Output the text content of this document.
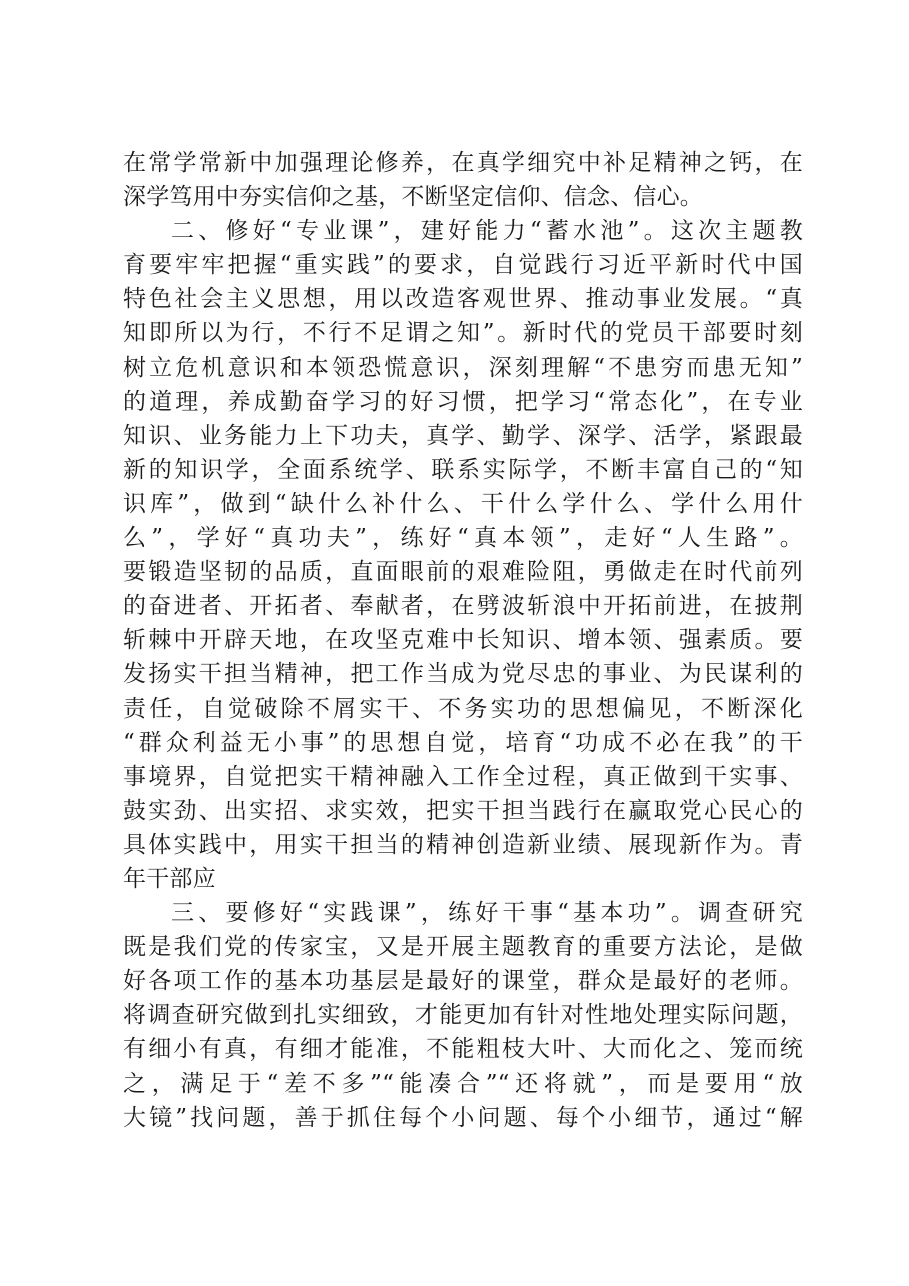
在常学常新中加强理论修养，在真学细究中补足精神之钙，在
深学笃用中夯实信仰之基，不断坚定信仰、信念、信心。
二、修好“专业课”，建好能力“蓄水池”。这次主题教
育要牢牢把握“重实践”的要求，自觉践行习近平新时代中国
特色社会主义思想，用以改造客观世界、推动事业发展。“真
知即所以为行，不行不足谓之知”。新时代的党员干部要时刻
树立危机意识和本领恐慌意识，深刻理解“不患穷而患无知”
的道理，养成勤奋学习的好习惯，把学习“常态化”，在专业
知识、业务能力上下功夫，真学、勤学、深学、活学，紧跟最
新的知识学，全面系统学、联系实际学，不断丰富自己的“知
识库”，做到“缺什么补什么、干什么学什么、学什么用什
么”，学好“真功夫”，练好“真本领”，走好“人生路”。
要锻造坚韧的品质，直面眼前的艰难险阻，勇做走在时代前列
的奋进者、开拓者、奉献者，在劈波斩浪中开拓前进，在披荆
斩棘中开辟天地，在攻坚克难中长知识、增本领、强素质。要
发扬实干担当精神，把工作当成为党尽忠的事业、为民谋利的
责任，自觉破除不屑实干、不务实功的思想偏见，不断深化
“群众利益无小事”的思想自觉，培育“功成不必在我”的干
事境界，自觉把实干精神融入工作全过程，真正做到干实事、
鼓实劲、出实招、求实效，把实干担当践行在赢取党心民心的
具体实践中，用实干担当的精神创造新业绩、展现新作为。青
年干部应
三、要修好“实践课”，练好干事“基本功”。调查研究
既是我们党的传家宝，又是开展主题教育的重要方法论，是做
好各项工作的基本功基层是最好的课堂，群众是最好的老师。
将调查研究做到扎实细致，才能更加有针对性地处理实际问题，
有细小有真，有细才能准，不能粗枝大叶、大而化之、笼而统
之，满足于“差不多”“能凑合”“还将就”，而是要用“放
大镜”找问题，善于抓住每个小问题、每个小细节，通过“解
